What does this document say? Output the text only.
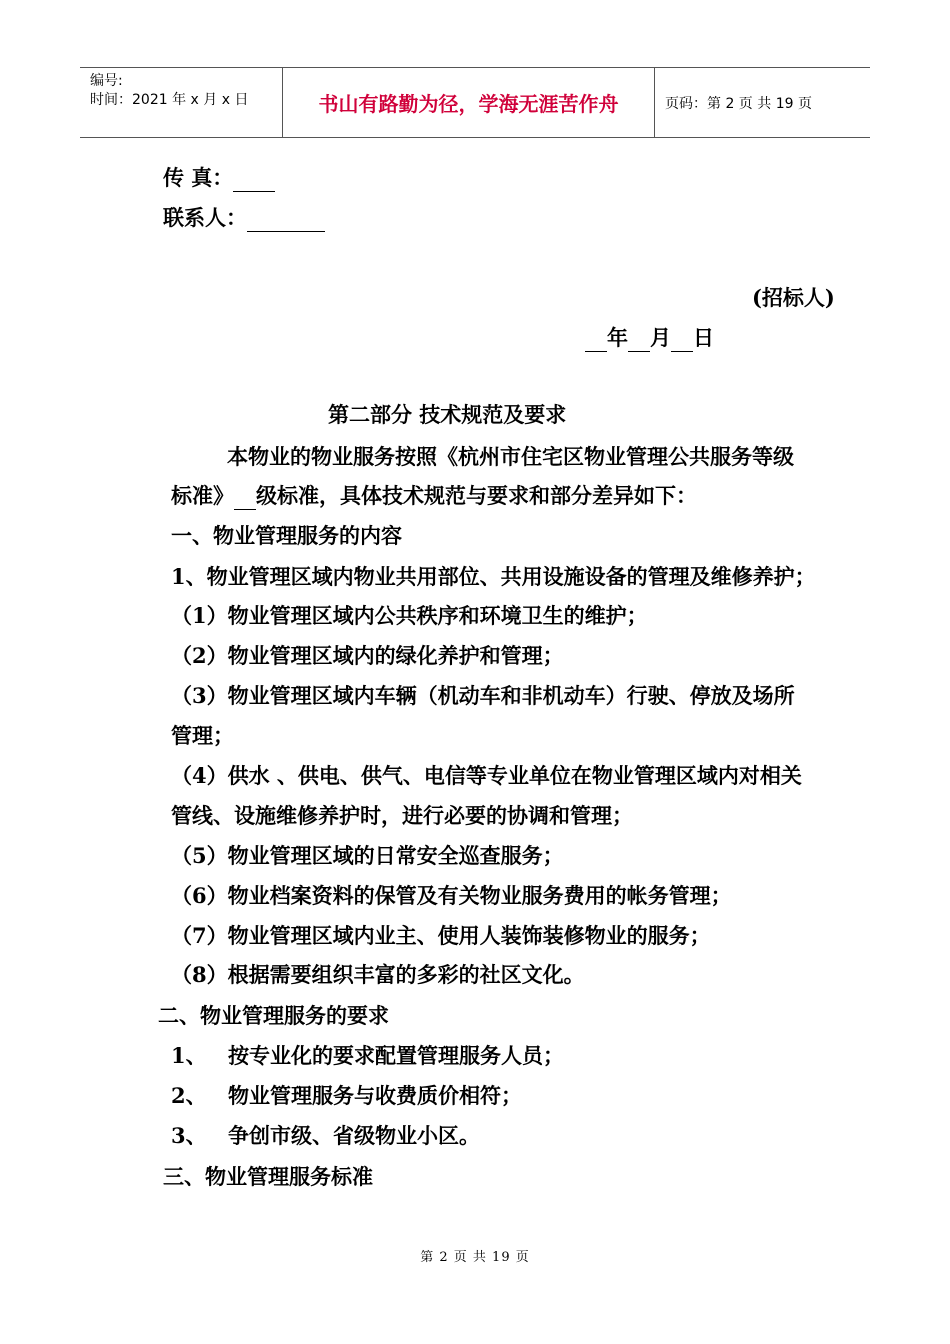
编号:
时间：2021 年 x 月 x 日	书山有路勤为径，学海无涯苦作舟	页码：第 2 页 共 19 页
传 真：
联系人：
(招标人)
年 月 日
第二部分 技术规范及要求
本物业的物业服务按照《杭州市住宅区物业管理公共服务等级
标准》 级标准，具体技术规范与要求和部分差异如下：
一、物业管理服务的内容
1、物业管理区域内物业共用部位、共用设施设备的管理及维修养护；
（1）物业管理区域内公共秩序和环境卫生的维护；
（2）物业管理区域内的绿化养护和管理；
（3）物业管理区域内车辆（机动车和非机动车）行驶、停放及场所
管理；
（4）供水 、供电、供气、电信等专业单位在物业管理区域内对相关
管线、设施维修养护时，进行必要的协调和管理；
（5）物业管理区域的日常安全巡查服务；
（6）物业档案资料的保管及有关物业服务费用的帐务管理；
（7）物业管理区域内业主、使用人装饰装修物业的服务；
（8）根据需要组织丰富的多彩的社区文化。
二、物业管理服务的要求
1、 按专业化的要求配置管理服务人员；
2、 物业管理服务与收费质价相符；
3、 争创市级、省级物业小区。
三、物业管理服务标准
第 2 页 共 19 页
